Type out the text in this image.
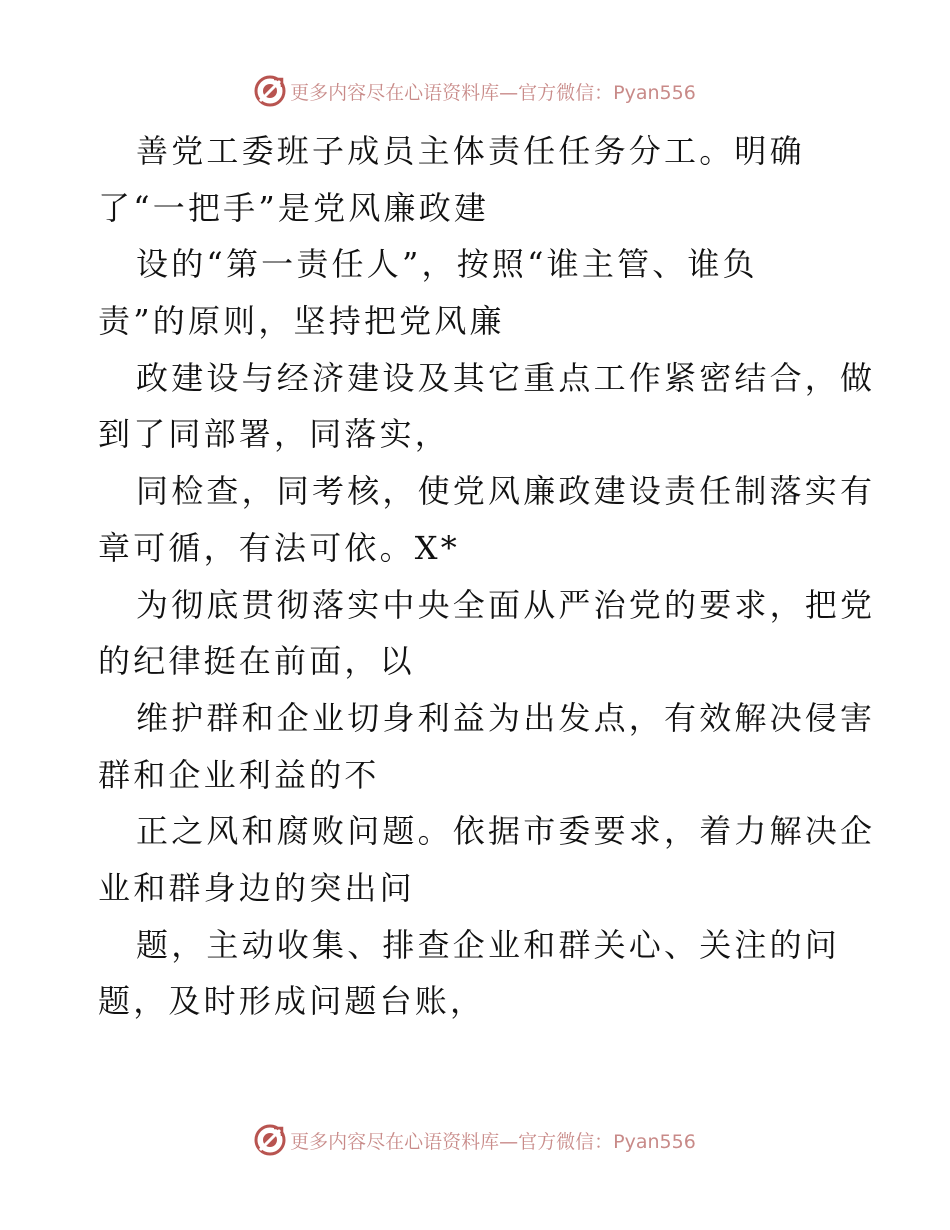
更多内容尽在心语资料库—官方微信：Pyan556
善党工委班子成员主体责任任务分工。明确
了“一把手”是党风廉政建
设的“第一责任人”，按照“谁主管、谁负
责”的原则，坚持把党风廉
政建设与经济建设及其它重点工作紧密结合，做
到了同部署，同落实，
同检查，同考核，使党风廉政建设责任制落实有
章可循，有法可依。X*
为彻底贯彻落实中央全面从严治党的要求，把党
的纪律挺在前面，以
维护群和企业切身利益为出发点，有效解决侵害
群和企业利益的不
正之风和腐败问题。依据市委要求，着力解决企
业和群身边的突出问
题，主动收集、排查企业和群关心、关注的问
题，及时形成问题台账，
更多内容尽在心语资料库—官方微信：Pyan556
